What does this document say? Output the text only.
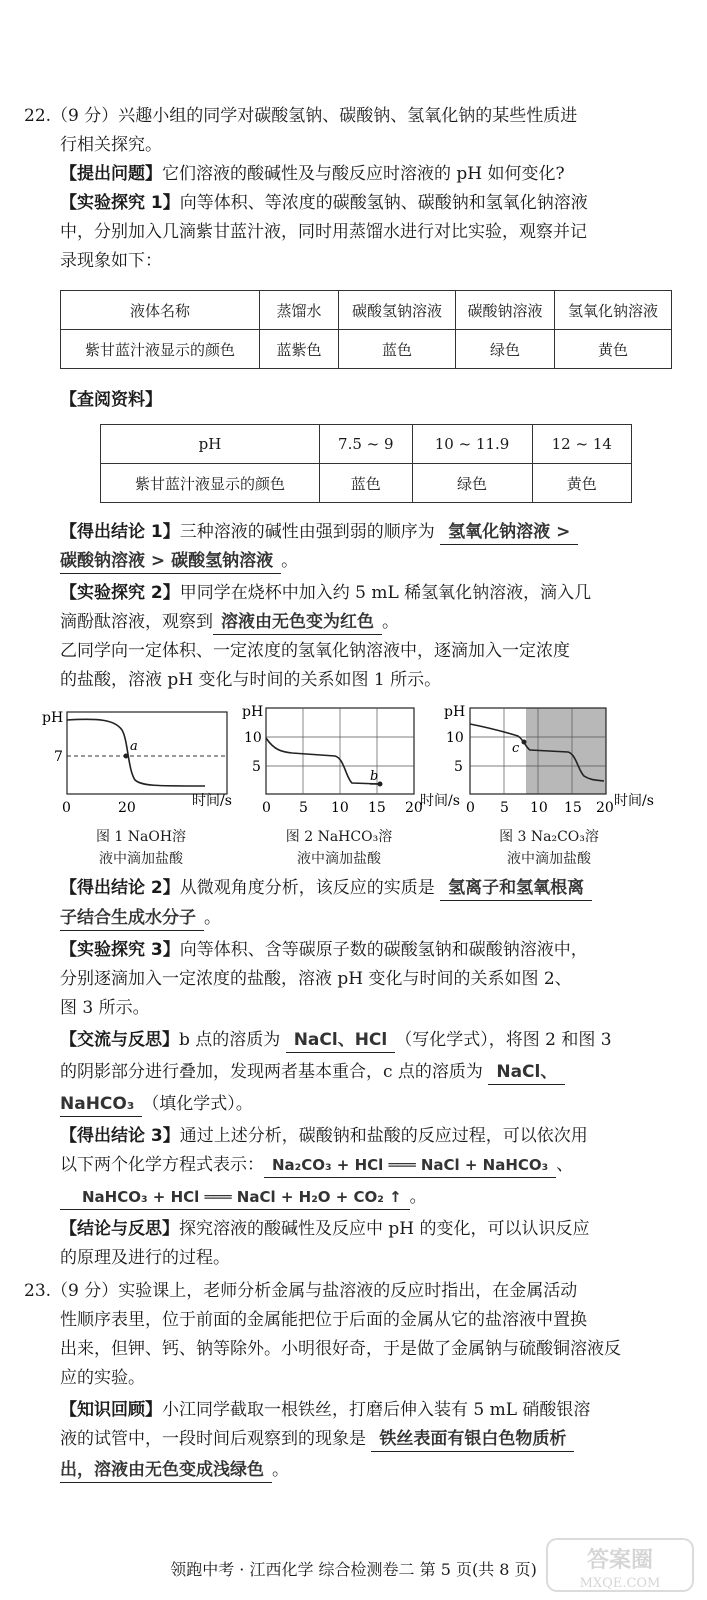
22.（9 分）兴趣小组的同学对碳酸氢钠、碳酸钠、氢氧化钠的某些性质进
行相关探究。
【提出问题】它们溶液的酸碱性及与酸反应时溶液的 pH 如何变化?
【实验探究 1】向等体积、等浓度的碳酸氢钠、碳酸钠和氢氧化钠溶液
中，分别加入几滴紫甘蓝汁液，同时用蒸馏水进行对比实验，观察并记
录现象如下：
液体名称	蒸馏水	碳酸氢钠溶液	碳酸钠溶液	氢氧化钠溶液
紫甘蓝汁液显示的颜色	蓝紫色	蓝色	绿色	黄色
【查阅资料】
pH	7.5 ~ 9	10 ~ 11.9	12 ~ 14
紫甘蓝汁液显示的颜色	蓝色	绿色	黄色
【得出结论 1】三种溶液的碱性由强到弱的顺序为 氢氧化钠溶液 >
碳酸钠溶液 > 碳酸氢钠溶液 。
【实验探究 2】甲同学在烧杯中加入约 5 mL 稀氢氧化钠溶液，滴入几
滴酚酞溶液，观察到 溶液由无色变为红色 。
乙同学向一定体积、一定浓度的氢氧化钠溶液中，逐滴加入一定浓度
的盐酸，溶液 pH 变化与时间的关系如图 1 所示。
pH
7
a
0	20	时间/s
pH
10
5
b
0 5 10 15 20
时间/s
pH
10
5
c
0 5 10 15 20 时间/s
图 1 NaOH溶
液中滴加盐酸
图 2 NaHCO₃溶
液中滴加盐酸
图 3 Na₂CO₃溶
液中滴加盐酸
【得出结论 2】从微观角度分析，该反应的实质是 氢离子和氢氧根离
子结合生成水分子 。
【实验探究 3】向等体积、含等碳原子数的碳酸氢钠和碳酸钠溶液中，
分别逐滴加入一定浓度的盐酸，溶液 pH 变化与时间的关系如图 2、
图 3 所示。
【交流与反思】b 点的溶质为 NaCl、HCl （写化学式），将图 2 和图 3
的阴影部分进行叠加，发现两者基本重合，c 点的溶质为 NaCl、
NaHCO₃ （填化学式）。
【得出结论 3】通过上述分析，碳酸钠和盐酸的反应过程，可以依次用
以下两个化学方程式表示： Na₂CO₃ + HCl ═══ NaCl + NaHCO₃ 、
NaHCO₃ + HCl ═══ NaCl + H₂O + CO₂ ↑ 。
【结论与反思】探究溶液的酸碱性及反应中 pH 的变化，可以认识反应
的原理及进行的过程。
23.（9 分）实验课上，老师分析金属与盐溶液的反应时指出，在金属活动
性顺序表里，位于前面的金属能把位于后面的金属从它的盐溶液中置换
出来，但钾、钙、钠等除外。小明很好奇，于是做了金属钠与硫酸铜溶液反
应的实验。
【知识回顾】小江同学截取一根铁丝，打磨后伸入装有 5 mL 硝酸银溶
液的试管中，一段时间后观察到的现象是 铁丝表面有银白色物质析
出，溶液由无色变成浅绿色 。
领跑中考 · 江西化学 综合检测卷二 第 5 页(共 8 页)	答案圈
MXQE.COM
